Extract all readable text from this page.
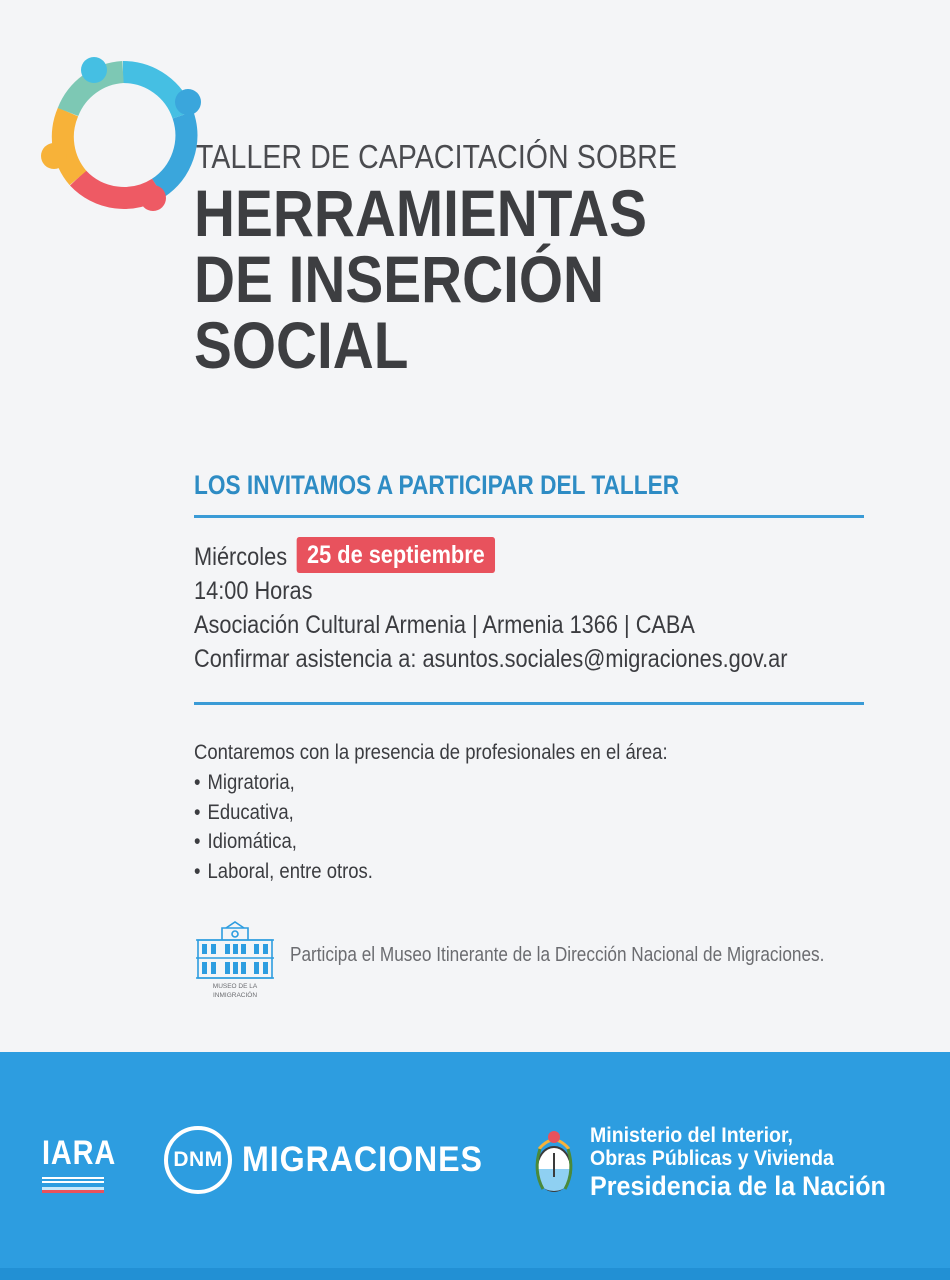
TALLER DE CAPACITACIÓN SOBRE
HERRAMIENTAS
DE INSERCIÓN
SOCIAL
LOS INVITAMOS A PARTICIPAR DEL TALLER
Miércoles 25 de septiembre
14:00 Horas
Asociación Cultural Armenia | Armenia 1366 | CABA
Confirmar asistencia a: asuntos.sociales@migraciones.gov.ar
Contaremos con la presencia de profesionales en el área:
• Migratoria,
• Educativa,
• Idiomática,
• Laboral, entre otros.
MUSEO DE LA
INMIGRACIÓN
Participa el Museo Itinerante de la Dirección Nacional de Migraciones.
IARA	DNM MIGRACIONES
Ministerio del Interior,
Obras Públicas y Vivienda
Presidencia de la Nación
